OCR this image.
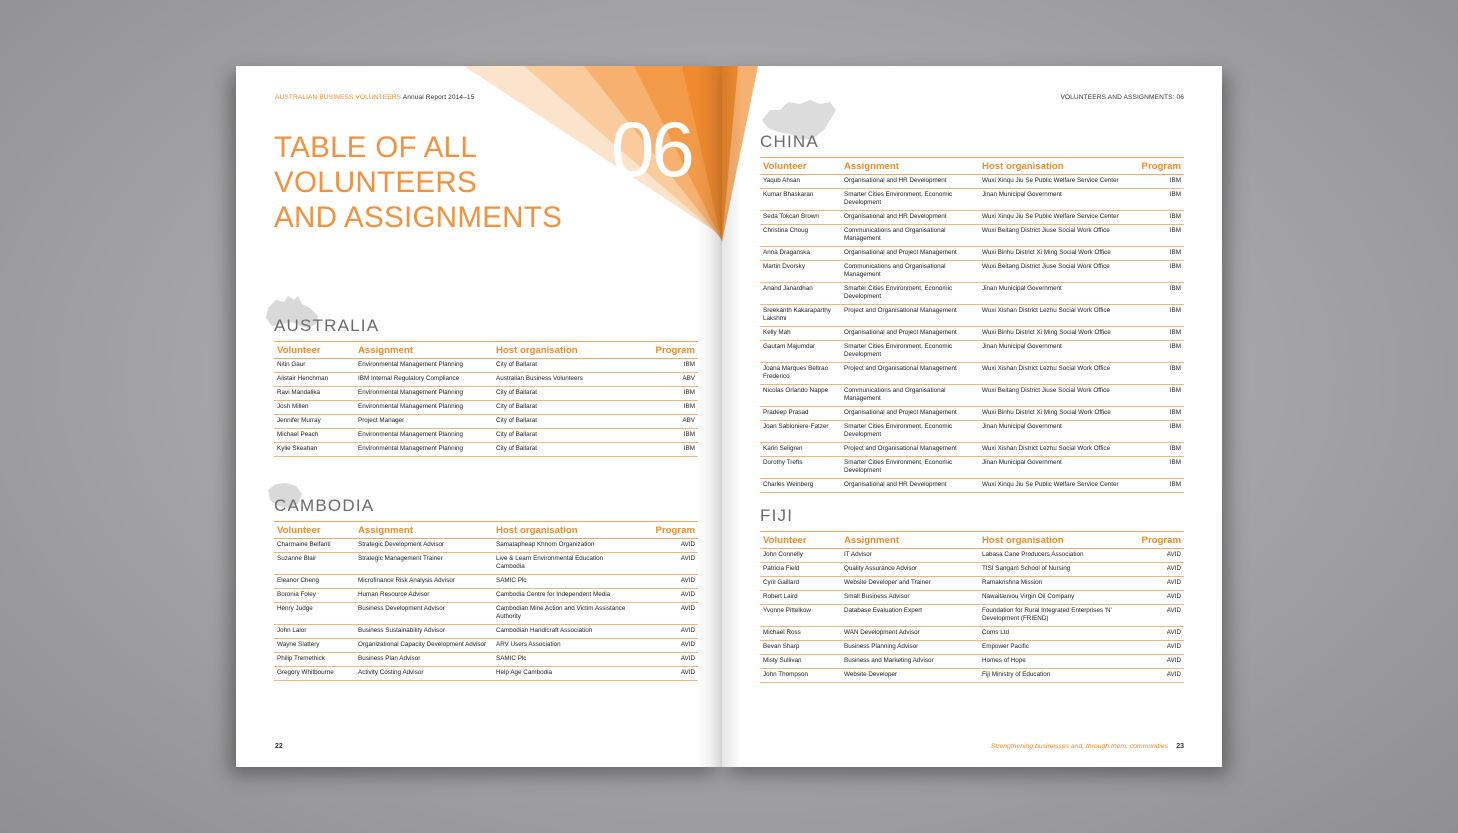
AUSTRALIAN BUSINESS VOLUNTEERS Annual Report 2014–15
TABLE OF ALL
VOLUNTEERS
AND ASSIGNMENTS
06
AUSTRALIA
Volunteer	Assignment	Host organisation	Program
Nitin Gaur	Environmental Management Planning	City of Ballarat	IBM
Alistair Henchman	IBM Internal Regulatory Compliance	Australian Business Volunteers	ABV
Ravi Mandalika	Environmental Management Planning	City of Ballarat	IBM
Josh Millen	Environmental Management Planning	City of Ballarat	IBM
Jennifer Murray	Project Manager	City of Ballarat	ABV
Michael Peach	Environmental Management Planning	City of Ballarat	IBM
Kylie Skeahan	Environmental Management Planning	City of Ballarat	IBM
CAMBODIA
Volunteer	Assignment	Host organisation	Program
Charmaine Belfanti	Strategic Development Advisor	Samatapheap Khnom Organization	AVID
Suzanne Blair	Strategic Management Trainer	Live & Learn Environmental Education Cambodia	AVID
Eleanor Cheng	Microfinance Risk Analysis Advisor	SAMIC Plc	AVID
Boronia Foley	Human Resource Advisor	Cambodia Centre for Independent Media	AVID
Henry Judge	Business Development Advisor	Cambodian Mine Action and Victim Assistance Authority	AVID
John Lalor	Business Sustainability Advisor	Cambodian Handicraft Association	AVID
Wayne Slattery	Organizational Capacity Development Advisor	ARV Users Association	AVID
Philip Tremethick	Business Plan Advisor	SAMIC Plc	AVID
Gregory Whitbourne	Activity Costing Advisor	Help Age Cambodia	AVID
22
VOLUNTEERS AND ASSIGNMENTS: 06
CHINA
Volunteer	Assignment	Host organisation	Program
Yaqub Ahsan	Organisational and HR Development	Wuxi Xinqu Jiu Se Public Welfare Service Center	IBM
Kumar Bhaskaran	Smarter Cities Environment, Economic Development	Jinan Municipal Government	IBM
Seda Tokcan Brown	Organisational and HR Development	Wuxi Xinqu Jiu Se Public Welfare Service Center	IBM
Christina Choug	Communications and Organisational Management	Wuxi Beitang District Jiuse Social Work Office	IBM
Anna Draganska	Organisational and Project Management	Wuxi Binhu District Xi Ming Social Work Office	IBM
Martin Dvorsky	Communications and Organisational Management	Wuxi Beitang District Jiuse Social Work Office	IBM
Anand Janardhan	Smarter Cities Environment, Economic Development	Jinan Municipal Government	IBM
Sreekanth Kakaraparthy Lakshmi	Project and Organisational Management	Wuxi Xishan District Lezhu Social Work Office	IBM
Kelly Mah	Organisational and Project Management	Wuxi Binhu District Xi Ming Social Work Office	IBM
Gautam Majumdar	Smarter Cities Environment, Economic Development	Jinan Municipal Government	IBM
Joana Marques Beltrao Frederico	Project and Organisational Management	Wuxi Xishan District Lezhu Social Work Office	IBM
Nicolas Orlando Nappe	Communications and Organisational Management	Wuxi Beitang District Jiuse Social Work Office	IBM
Pradeep Prasad	Organisational and Project Management	Wuxi Binhu District Xi Ming Social Work Office	IBM
Joan Sabloniere-Fatzer	Smarter Cities Environment, Economic Development	Jinan Municipal Government	IBM
Karin Seligren	Project and Organisational Management	Wuxi Xishan District Lezhu Social Work Office	IBM
Dorothy Trefts	Smarter Cities Environment, Economic Development	Jinan Municipal Government	IBM
Charles Weinberg	Organisational and HR Development	Wuxi Xinqu Jiu Se Public Welfare Service Center	IBM
FIJI
Volunteer	Assignment	Host organisation	Program
John Connelly	IT Advisor	Labasa Cane Producers Association	AVID
Patricia Field	Quality Assurance Advisor	TISI Sangam School of Nursing	AVID
Cyril Gaillard	Website Developer and Trainer	Ramakrishna Mission	AVID
Robert Laird	Small Business Advisor	Nawaitauvou Virgin Oil Company	AVID
Yvonne Pittelkow	Database Evaluation Expert	Foundation for Rural Integrated Enterprises 'N' Development (FRIEND)	AVID
Michael Ross	WAN Development Advisor	Coms Ltd	AVID
Bevan Sharp	Business Planning Advisor	Empower Pacific	AVID
Misty Sullivan	Business and Marketing Advisor	Homes of Hope	AVID
John Thompson	Website Developer	Fiji Ministry of Education	AVID
Strengthening businesses and, through them, communities 23
